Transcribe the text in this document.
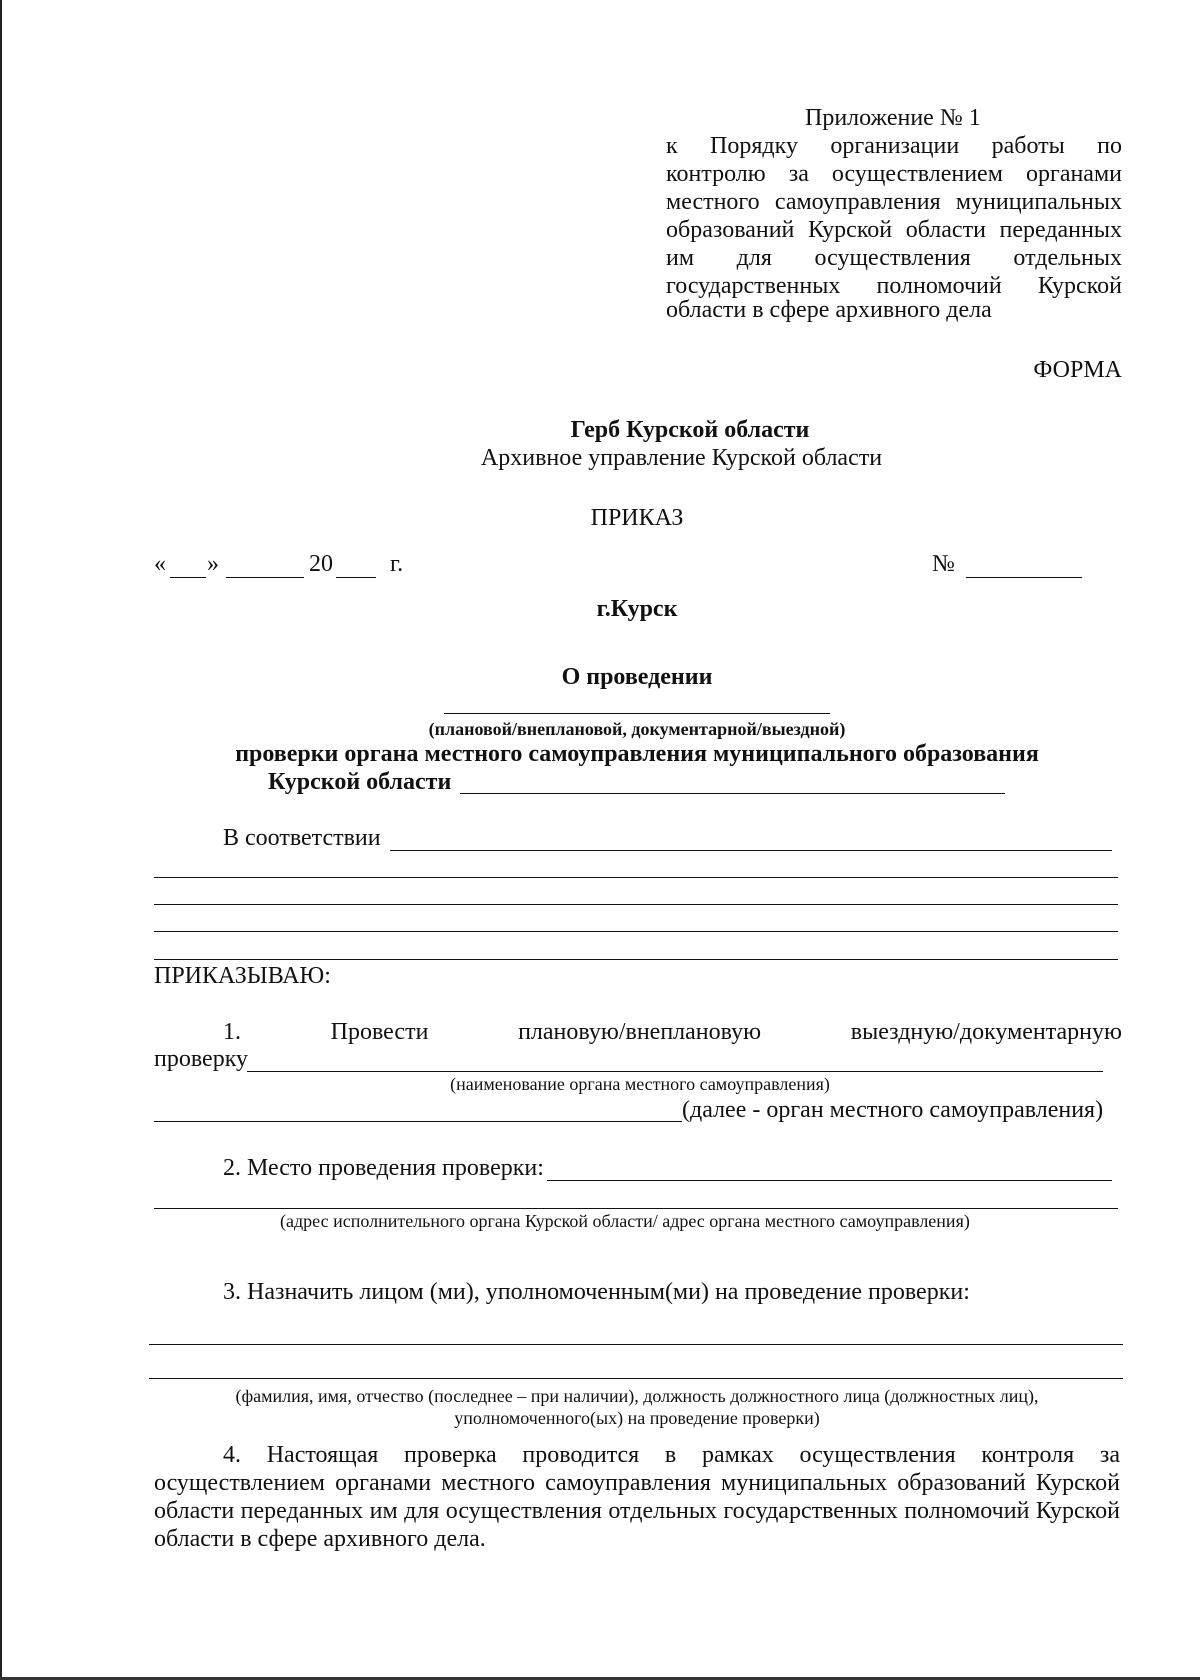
Приложение № 1
к Порядку организации работы по
контролю за осуществлением органами
местного самоуправления муниципальных
образований Курской области переданных
им для осуществления отдельных
государственных полномочий Курской
области в сфере архивного дела
ФОРМА
Герб Курской области
Архивное управление Курской области
ПРИКАЗ
« »	20 г.	№
г.Курск
О проведении
(плановой/внеплановой, документарной/выездной)
проверки органа местного самоуправления муниципального образования
Курской области
В соответствии
ПРИКАЗЫВАЮ:
1.	Провести	плановую/внеплановую	выездную/документарную
проверку
(наименование органа местного самоуправления)
(далее - орган местного самоуправления)
2. Место проведения проверки:
(адрес исполнительного органа Курской области/ адрес органа местного самоуправления)
3. Назначить лицом (ми), уполномоченным(ми) на проведение проверки:
(фамилия, имя, отчество (последнее – при наличии), должность должностного лица (должностных лиц),
уполномоченного(ых) на проведение проверки)
4. Настоящая проверка проводится в рамках осуществления контроля за осуществлением органами местного самоуправления муниципальных образований Курской области переданных им для осуществления отдельных государственных полномочий Курской области в сфере архивного дела.
